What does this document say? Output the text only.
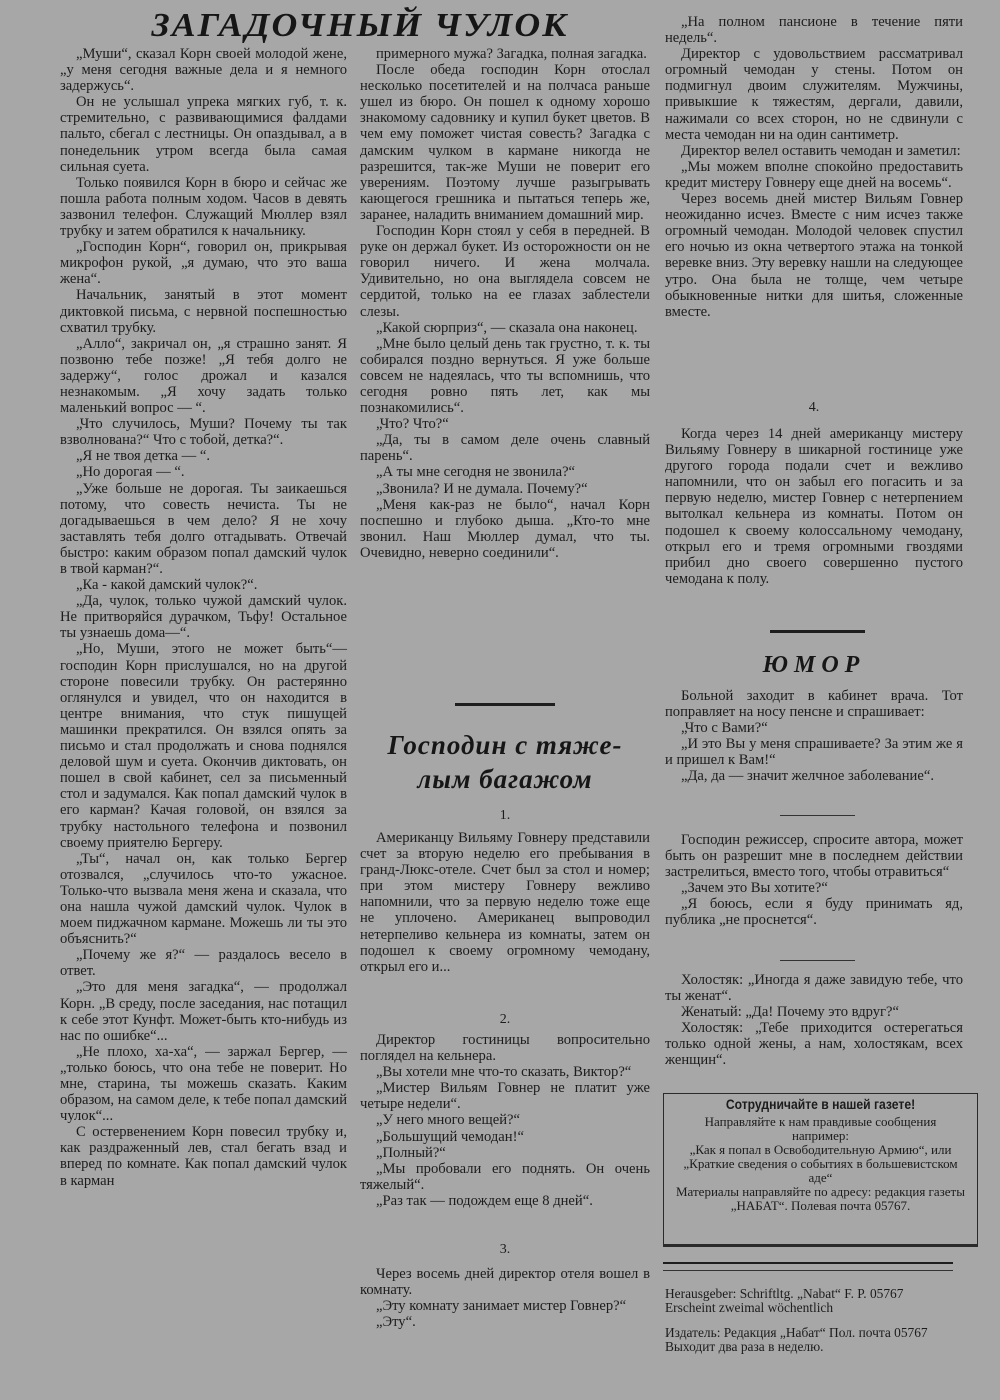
ЗАГАДОЧНЫЙ ЧУЛОК

„Муши“, сказал Корн своей молодой жене, „у меня сегодня важные дела и я немного задержусь“.

Он не услышал упрека мягких губ, т. к. стремительно, с развивающимися фалдами пальто, сбегал с лестницы. Он опаздывал, а в понедельник утром всегда была самая сильная суета.

Только появился Корн в бюро и сейчас же пошла работа полным ходом. Часов в девять зазвонил телефон. Служащий Мюллер взял трубку и затем обратился к начальнику.

„Господин Корн“, говорил он, прикрывая микрофон рукой, „я думаю, что это ваша жена“.

Начальник, занятый в этот момент диктовкой письма, с нервной поспешностью схватил трубку.

„Алло“, закричал он, „я страшно занят. Я позвоню тебе позже! „Я тебя долго не задержу“, голос дрожал и казался незнакомым. „Я хочу задать только маленький вопрос — “.

„Что случилось, Муши? Почему ты так взволнована?“ Что с тобой, детка?“.

„Я не твоя детка — “.

„Но дорогая — “.

„Уже больше не дорогая. Ты заикаешься потому, что совесть нечиста. Ты не догадываешься в чем дело? Я не хочу заставлять тебя долго отгадывать. Отвечай быстро: каким образом попал дамский чулок в твой карман?“.

„Ка - какой дамский чулок?“.

„Да, чулок, только чужой дамский чулок. Не притворяйся дурачком, Тьфу! Остальное ты узнаешь дома—“.

„Но, Муши, этого не может быть“— господин Корн прислушался, но на другой стороне повесили трубку. Он растерянно оглянулся и увидел, что он находится в центре внимания, что стук пишущей машинки прекратился. Он взялся опять за письмо и стал продолжать и снова поднялся деловой шум и суета. Окончив диктовать, он пошел в свой кабинет, сел за письменный стол и задумался. Как попал дамский чулок в его карман? Качая головой, он взялся за трубку настольного телефона и позвонил своему приятелю Бергеру.

„Ты“, начал он, как только Бергер отозвался, „случилось что-то ужасное. Только-что вызвала меня жена и сказала, что она нашла чужой дамский чулок. Чулок в моем пиджачном кармане. Можешь ли ты это объяснить?“

„Почему же я?“ — раздалось весело в ответ.

„Это для меня загадка“, — продолжал Корн. „В среду, после заседания, нас потащил к себе этот Кунфт. Может-быть кто-нибудь из нас по ошибке“...

„Не плохо, ха-ха“, — заржал Бергер, — „только боюсь, что она тебе не поверит. Но мне, старина, ты можешь сказать. Каким образом, на самом деле, к тебе попал дамский чулок“...

С остервенением Корн повесил трубку и, как раздраженный лев, стал бегать взад и вперед по комнате. Как попал дамский чулок в карман

примерного мужа? Загадка, полная загадка.

После обеда господин Корн отослал несколько посетителей и на полчаса раньше ушел из бюро. Он пошел к одному хорошо знакомому садовнику и купил букет цветов. В чем ему поможет чистая совесть? Загадка с дамским чулком в кармане никогда не разрешится, так-же Муши не поверит его уверениям. Поэтому лучше разыгрывать кающегося грешника и пытаться теперь же, заранее, наладить вниманием домашний мир.

Господин Корн стоял у себя в передней. В руке он держал букет. Из осторожности он не говорил ничего. И жена молчала. Удивительно, но она выглядела совсем не сердитой, только на ее глазах заблестели слезы.

„Какой сюрприз“, — сказала она наконец.

„Мне было целый день так грустно, т. к. ты собирался поздно вернуться. Я уже больше совсем не надеялась, что ты вспомнишь, что сегодня ровно пять лет, как мы познакомились“.

„Что? Что?“

„Да, ты в самом деле очень славный парень“.

„А ты мне сегодня не звонила?“

„Звонила? И не думала. Почему?“

„Меня как-раз не было“, начал Корн поспешно и глубоко дыша. „Кто-то мне звонил. Наш Мюллер думал, что ты. Очевидно, неверно соединили“.

Господин с тяже-
лым багажом
1.

Американцу Вильяму Говнеру представили счет за вторую неделю его пребывания в гранд-Люкс-отеле. Счет был за стол и номер; при этом мистеру Говнеру вежливо напомнили, что за первую неделю тоже еще не уплочено. Американец выпроводил нетерпеливо кельнера из комнаты, затем он подошел к своему огромному чемодану, открыл его и...

2.

Директор гостиницы вопросительно поглядел на кельнера.

„Вы хотели мне что-то сказать, Виктор?“

„Мистер Вильям Говнер не платит уже четыре недели“.

„У него много вещей?“

„Большущий чемодан!“

„Полный?“

„Мы пробовали его поднять. Он очень тяжелый“.

„Раз так — подождем еще 8 дней“.

3.

Через восемь дней директор отеля вошел в комнату.

„Эту комнату занимает мистер Говнер?“

„Эту“.

„На полном пансионе в течение пяти недель“.

Директор с удовольствием рассматривал огромный чемодан у стены. Потом он подмигнул двоим служителям. Мужчины, привыкшие к тяжестям, дергали, давили, нажимали со всех сторон, но не сдвинули с места чемодан ни на один сантиметр.

Директор велел оставить чемодан и заметил:

„Мы можем вполне спокойно предоставить кредит мистеру Говнеру еще дней на восемь“.

Через восемь дней мистер Вильям Говнер неожиданно исчез. Вместе с ним исчез также огромный чемодан. Молодой человек спустил его ночью из окна четвертого этажа на тонкой веревке вниз. Эту веревку нашли на следующее утро. Она была не толще, чем четыре обыкновенные нитки для шитья, сложенные вместе.

4.

Когда через 14 дней американцу мистеру Вильяму Говнеру в шикарной гостинице уже другого города подали счет и вежливо напомнили, что он забыл его погасить и за первую неделю, мистер Говнер с нетерпением вытолкал кельнера из комнаты. Потом он подошел к своему колоссальному чемодану, открыл его и тремя огромными гвоздями прибил дно своего совершенно пустого чемодана к полу.

ЮМОР

Больной заходит в кабинет врача. Тот поправляет на носу пенсне и спрашивает:

„Что с Вами?“

„И это Вы у меня спрашиваете? За этим же я и пришел к Вам!“

„Да, да — значит желчное заболевание“.

Господин режиссер, спросите автора, может быть он разрешит мне в последнем действии застрелиться, вместо того, чтобы отравиться“

„Зачем это Вы хотите?“

„Я боюсь, если я буду принимать яд, публика „не проснется“.

Холостяк: „Иногда я даже завидую тебе, что ты женат“.

Женатый: „Да! Почему это вдруг?“

Холостяк: „Тебе приходится остерегаться только одной жены, а нам, холостякам, всех женщин“.

Сотрудничайте в нашей газете!
Направляйте к нам правдивые сообщения например:
„Как я попал в Освободительную Армию“, или „Краткие сведения о событиях в большевистском аде“
Материалы направляйте по адресу: редакция газеты „НАБАТ“. Полевая почта 05767.
Herausgeber: Schriftltg. „Nabat“ F. P. 05767
Erscheint zweimal wöchentlich
Издатель: Редакция „Набат“ Пол. почта 05767
Выходит два раза в неделю.
